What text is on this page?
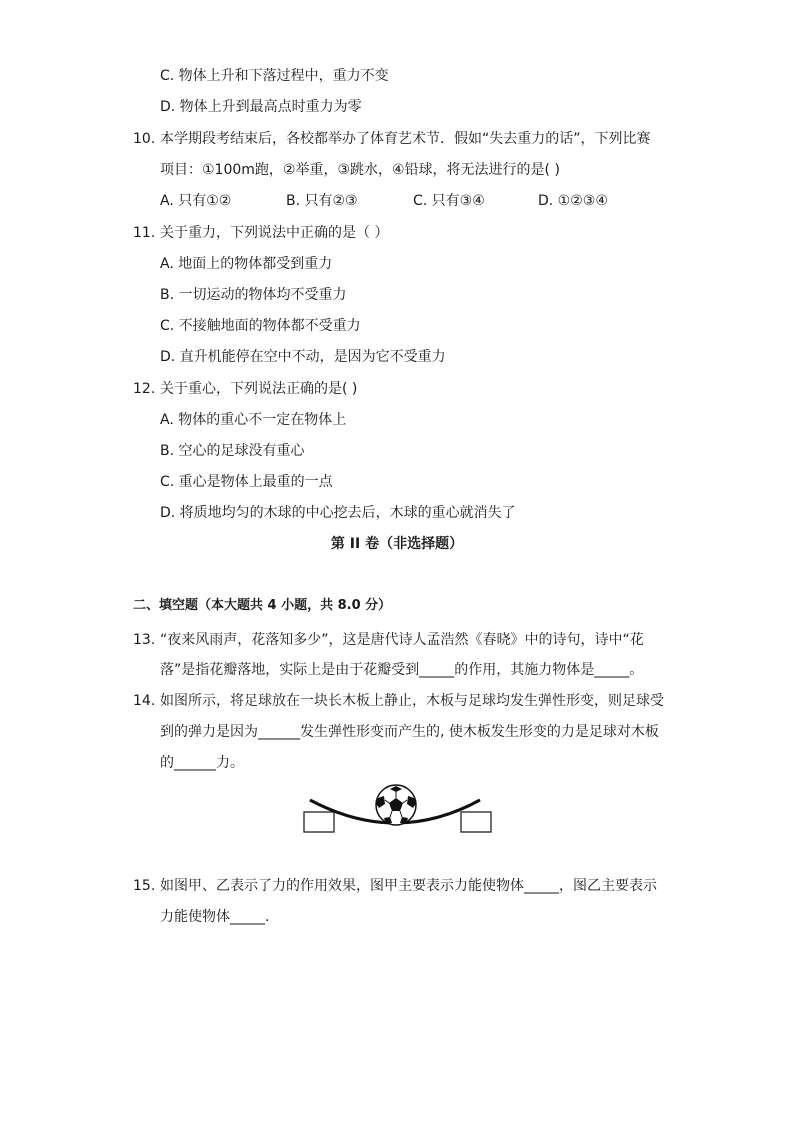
C. 物体上升和下落过程中，重力不变
D. 物体上升到最高点时重力为零
10. 本学期段考结束后，各校都举办了体育艺术节．假如“失去重力的话”，下列比赛
项目：①100m跑，②举重，③跳水，④铅球，将无法进行的是( )
A. 只有①②	B. 只有②③	C. 只有③④	D. ①②③④
11. 关于重力，下列说法中正确的是（ ）
A. 地面上的物体都受到重力
B. 一切运动的物体均不受重力
C. 不接触地面的物体都不受重力
D. 直升机能停在空中不动，是因为它不受重力
12. 关于重心，下列说法正确的是( )
A. 物体的重心不一定在物体上
B. 空心的足球没有重心
C. 重心是物体上最重的一点
D. 将质地均匀的木球的中心挖去后，木球的重心就消失了
第 II 卷（非选择题）
二、填空题（本大题共 4 小题，共 8.0 分）
13. “夜来风雨声，花落知多少”，这是唐代诗人孟浩然《春晓》中的诗句，诗中“花
落”是指花瓣落地，实际上是由于花瓣受到_____的作用，其施力物体是_____。
14. 如图所示，将足球放在一块长木板上静止，木板与足球均发生弹性形变，则足球受
到的弹力是因为______发生弹性形变而产生的, 使木板发生形变的力是足球对木板
的______力。
15. 如图甲、乙表示了力的作用效果，图甲主要表示力能使物体_____，图乙主要表示
力能使物体_____.
